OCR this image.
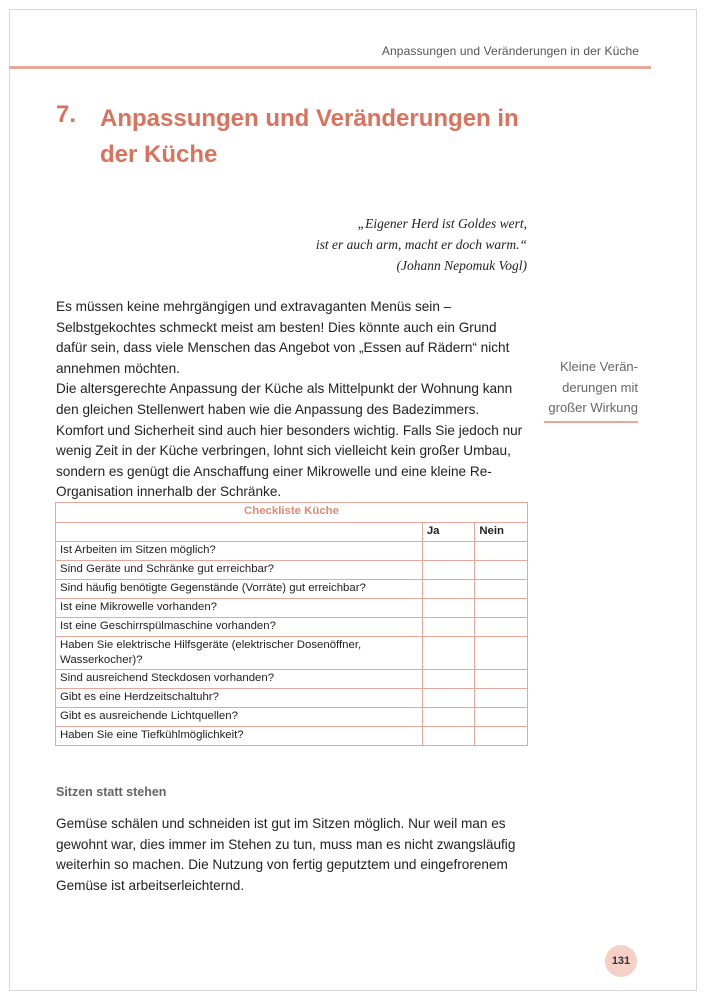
Anpassungen und Veränderungen in der Küche
7. Anpassungen und Veränderungen in der Küche
„Eigener Herd ist Goldes wert,
ist er auch arm, macht er doch warm.“
(Johann Nepomuk Vogl)

Es müssen keine mehrgängigen und extravaganten Menüs sein – Selbstgekochtes schmeckt meist am besten! Dies könnte auch ein Grund dafür sein, dass viele Menschen das Angebot von „Essen auf Rädern“ nicht annehmen möchten.

Die altersgerechte Anpassung der Küche als Mittelpunkt der Wohnung kann den gleichen Stellenwert haben wie die Anpassung des Badezimmers. Komfort und Sicherheit sind auch hier besonders wichtig. Falls Sie jedoch nur wenig Zeit in der Küche verbringen, lohnt sich vielleicht kein großer Umbau, sondern es genügt die Anschaffung einer Mikrowelle und eine kleine Re-Organisation innerhalb der Schränke.

Kleine Verän-
derungen mit
großer Wirkung
Checkliste Küche		
	Ja	Nein
Ist Arbeiten im Sitzen möglich?		
Sind Geräte und Schränke gut erreichbar?		
Sind häufig benötigte Gegenstände (Vorräte) gut erreichbar?		
Ist eine Mikrowelle vorhanden?		
Ist eine Geschirrspülmaschine vorhanden?		
Haben Sie elektrische Hilfsgeräte (elektrischer Dosenöffner, Wasserkocher)?		
Sind ausreichend Steckdosen vorhanden?		
Gibt es eine Herdzeitschaltuhr?		
Gibt es ausreichende Lichtquellen?		
Haben Sie eine Tiefkühlmöglichkeit?		
Sitzen statt stehen

Gemüse schälen und schneiden ist gut im Sitzen möglich. Nur weil man es gewohnt war, dies immer im Stehen zu tun, muss man es nicht zwangsläufig weiterhin so machen. Die Nutzung von fertig geputztem und eingefrorenem Gemüse ist arbeitserleichternd.

131
